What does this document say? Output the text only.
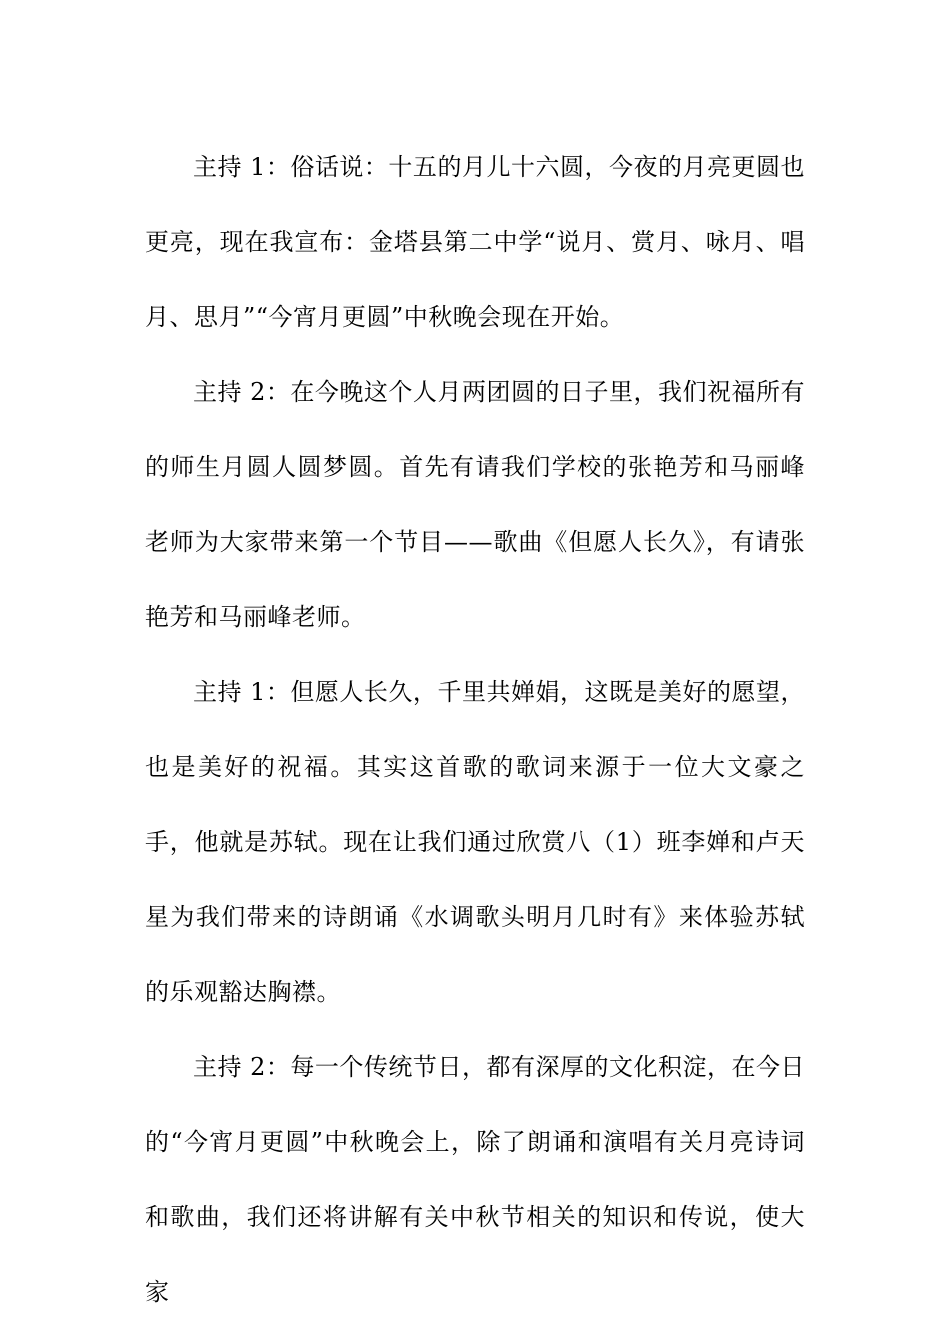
主持 1：俗话说：十五的月儿十六圆，今夜的月亮更圆也更亮，现在我宣布：金塔县第二中学“说月、赏月、咏月、唱月、思月”“今宵月更圆”中秋晚会现在开始。

主持 2：在今晚这个人月两团圆的日子里，我们祝福所有的师生月圆人圆梦圆。首先有请我们学校的张艳芳和马丽峰老师为大家带来第一个节目——歌曲《但愿人长久》，有请张艳芳和马丽峰老师。

主持 1：但愿人长久，千里共婵娟，这既是美好的愿望，也是美好的祝福。其实这首歌的歌词来源于一位大文豪之手，他就是苏轼。现在让我们通过欣赏八（1）班李婵和卢天星为我们带来的诗朗诵《水调歌头明月几时有》来体验苏轼的乐观豁达胸襟。

主持 2：每一个传统节日，都有深厚的文化积淀，在今日的“今宵月更圆”中秋晚会上，除了朗诵和演唱有关月亮诗词和歌曲，我们还将讲解有关中秋节相关的知识和传说，使大家
